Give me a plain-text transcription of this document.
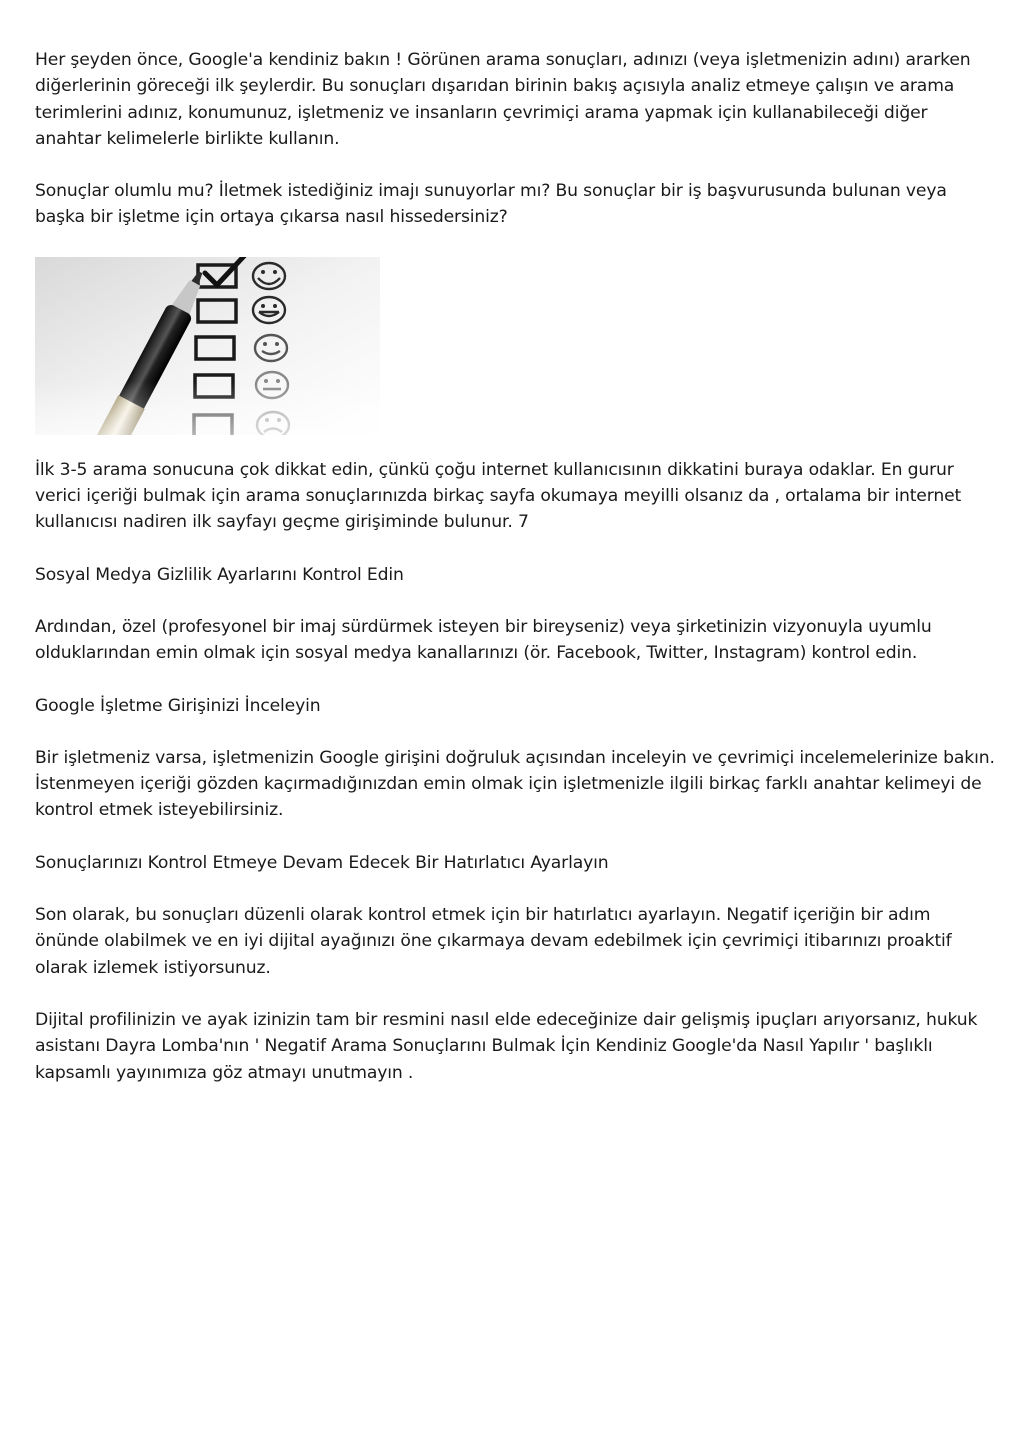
Her şeyden önce, Google'a kendiniz bakın ! Görünen arama sonuçları, adınızı (veya işletmenizin adını) ararken diğerlerinin göreceği ilk şeylerdir. Bu sonuçları dışarıdan birinin bakış açısıyla analiz etmeye çalışın ve arama terimlerini adınız, konumunuz, işletmeniz ve insanların çevrimiçi arama yapmak için kullanabileceği diğer anahtar kelimelerle birlikte kullanın.

Sonuçlar olumlu mu? İletmek istediğiniz imajı sunuyorlar mı? Bu sonuçlar bir iş başvurusunda bulunan veya başka bir işletme için ortaya çıkarsa nasıl hissedersiniz?

İlk 3-5 arama sonucuna çok dikkat edin, çünkü çoğu internet kullanıcısının dikkatini buraya odaklar. En gurur verici içeriği bulmak için arama sonuçlarınızda birkaç sayfa okumaya meyilli olsanız da , ortalama bir internet kullanıcısı nadiren ilk sayfayı geçme girişiminde bulunur. 7

Sosyal Medya Gizlilik Ayarlarını Kontrol Edin

Ardından, özel (profesyonel bir imaj sürdürmek isteyen bir bireyseniz) veya şirketinizin vizyonuyla uyumlu olduklarından emin olmak için sosyal medya kanallarınızı (ör. Facebook, Twitter, Instagram) kontrol edin.

Google İşletme Girişinizi İnceleyin

Bir işletmeniz varsa, işletmenizin Google girişini doğruluk açısından inceleyin ve çevrimiçi incelemelerinize bakın. İstenmeyen içeriği gözden kaçırmadığınızdan emin olmak için işletmenizle ilgili birkaç farklı anahtar kelimeyi de kontrol etmek isteyebilirsiniz.

Sonuçlarınızı Kontrol Etmeye Devam Edecek Bir Hatırlatıcı Ayarlayın

Son olarak, bu sonuçları düzenli olarak kontrol etmek için bir hatırlatıcı ayarlayın. Negatif içeriğin bir adım önünde olabilmek ve en iyi dijital ayağınızı öne çıkarmaya devam edebilmek için çevrimiçi itibarınızı proaktif olarak izlemek istiyorsunuz.

Dijital profilinizin ve ayak izinizin tam bir resmini nasıl elde edeceğinize dair gelişmiş ipuçları arıyorsanız, hukuk asistanı Dayra Lomba'nın ' Negatif Arama Sonuçlarını Bulmak İçin Kendiniz Google'da Nasıl Yapılır ' başlıklı kapsamlı yayınımıza göz atmayı unutmayın .
